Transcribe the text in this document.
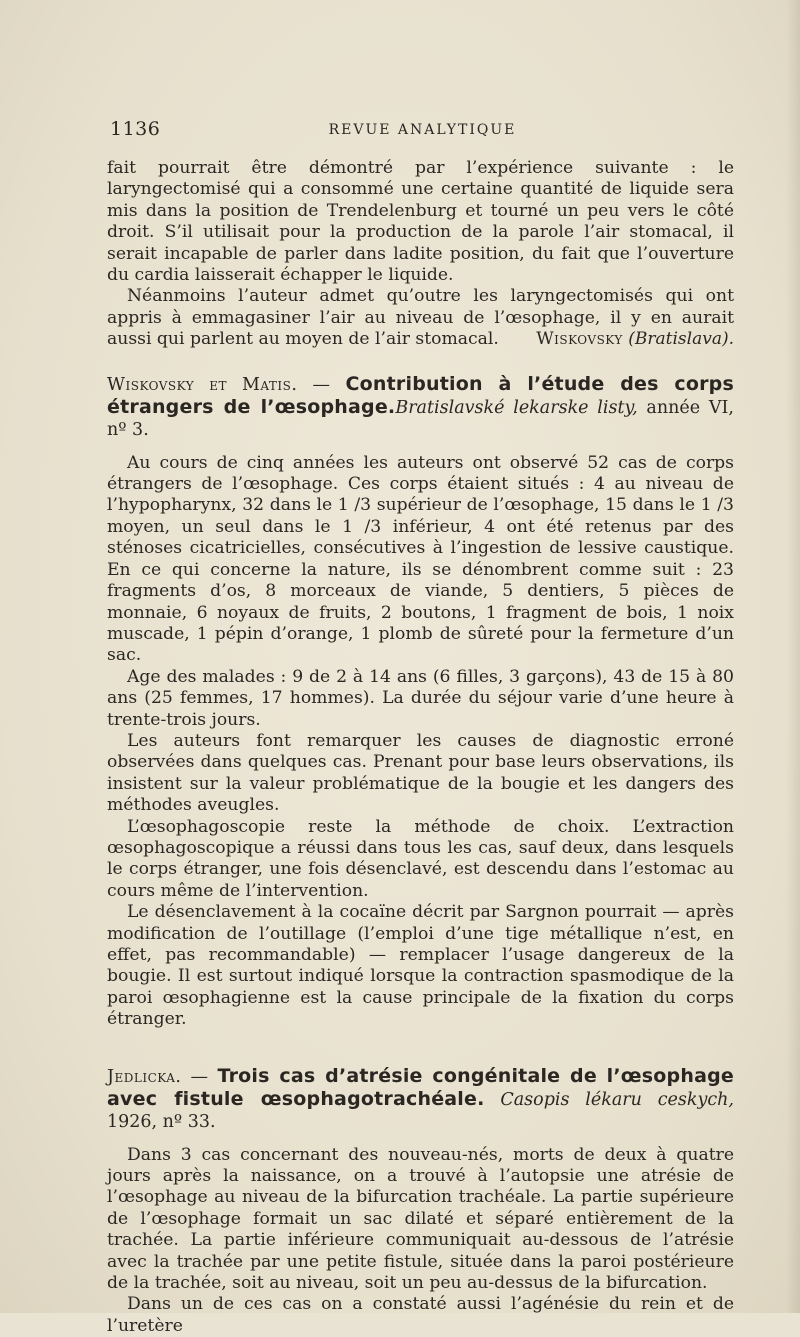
1136	REVUE ANALYTIQUE

fait pourrait être démontré par l’expérience suivante : le laryngectomisé qui a consommé une certaine quantité de liquide sera mis dans la position de Trendelenburg et tourné un peu vers le côté droit. S’il utilisait pour la production de la parole l’air stomacal, il serait incapable de parler dans ladite position, du fait que l’ouverture du cardia laisserait échapper le liquide.

Néanmoins l’auteur admet qu’outre les laryngectomisés qui ont appris à emmagasiner l’air au niveau de l’œsophage, il y en aurait aussi qui parlent au moyen de l’air stomacal.	Wiskovsky (Bratislava).
Wiskovsky et Matis. — Contribution à l’étude des corps étrangers de l’œsophage.Bratislavské lekarske listy, année VI, nº 3.

Au cours de cinq années les auteurs ont observé 52 cas de corps étrangers de l’œsophage. Ces corps étaient situés : 4 au niveau de l’hypopharynx, 32 dans le 1 /3 supérieur de l’œsophage, 15 dans le 1 /3 moyen, un seul dans le 1 /3 inférieur, 4 ont été retenus par des sténoses cicatricielles, consécutives à l’ingestion de lessive caustique. En ce qui concerne la nature, ils se dénombrent comme suit : 23 fragments d’os, 8 morceaux de viande, 5 dentiers, 5 pièces de monnaie, 6 noyaux de fruits, 2 boutons, 1 fragment de bois, 1 noix muscade, 1 pépin d’orange, 1 plomb de sûreté pour la fermeture d’un sac.

Age des malades : 9 de 2 à 14 ans (6 filles, 3 garçons), 43 de 15 à 80 ans (25 femmes, 17 hommes). La durée du séjour varie d’une heure à trente-trois jours.

Les auteurs font remarquer les causes de diagnostic erroné observées dans quelques cas. Prenant pour base leurs observations, ils insistent sur la valeur problématique de la bougie et les dangers des méthodes aveugles.

L’œsophagoscopie reste la méthode de choix. L’extraction œsophagoscopique a réussi dans tous les cas, sauf deux, dans lesquels le corps étranger, une fois désenclavé, est descendu dans l’estomac au cours même de l’intervention.

Le désenclavement à la cocaïne décrit par Sargnon pourrait — après modification de l’outillage (l’emploi d’une tige métallique n’est, en effet, pas recommandable) — remplacer l’usage dangereux de la bougie. Il est surtout indiqué lorsque la contraction spasmodique de la paroi œsophagienne est la cause principale de la fixation du corps étranger.

Jedlicka. — Trois cas d’atrésie congénitale de l’œsophage avec fistule œsophagotrachéale. Casopis lékaru ceskych, 1926, nº 33.

Dans 3 cas concernant des nouveau-nés, morts de deux à quatre jours après la naissance, on a trouvé à l’autopsie une atrésie de l’œsophage au niveau de la bifurcation trachéale. La partie supérieure de l’œsophage formait un sac dilaté et séparé entièrement de la trachée. La partie inférieure communiquait au-dessous de l’atrésie avec la trachée par une petite fistule, située dans la paroi postérieure de la trachée, soit au niveau, soit un peu au-dessus de la bifurcation.

Dans un de ces cas on a constaté aussi l’agénésie du rein et de l’uretère
